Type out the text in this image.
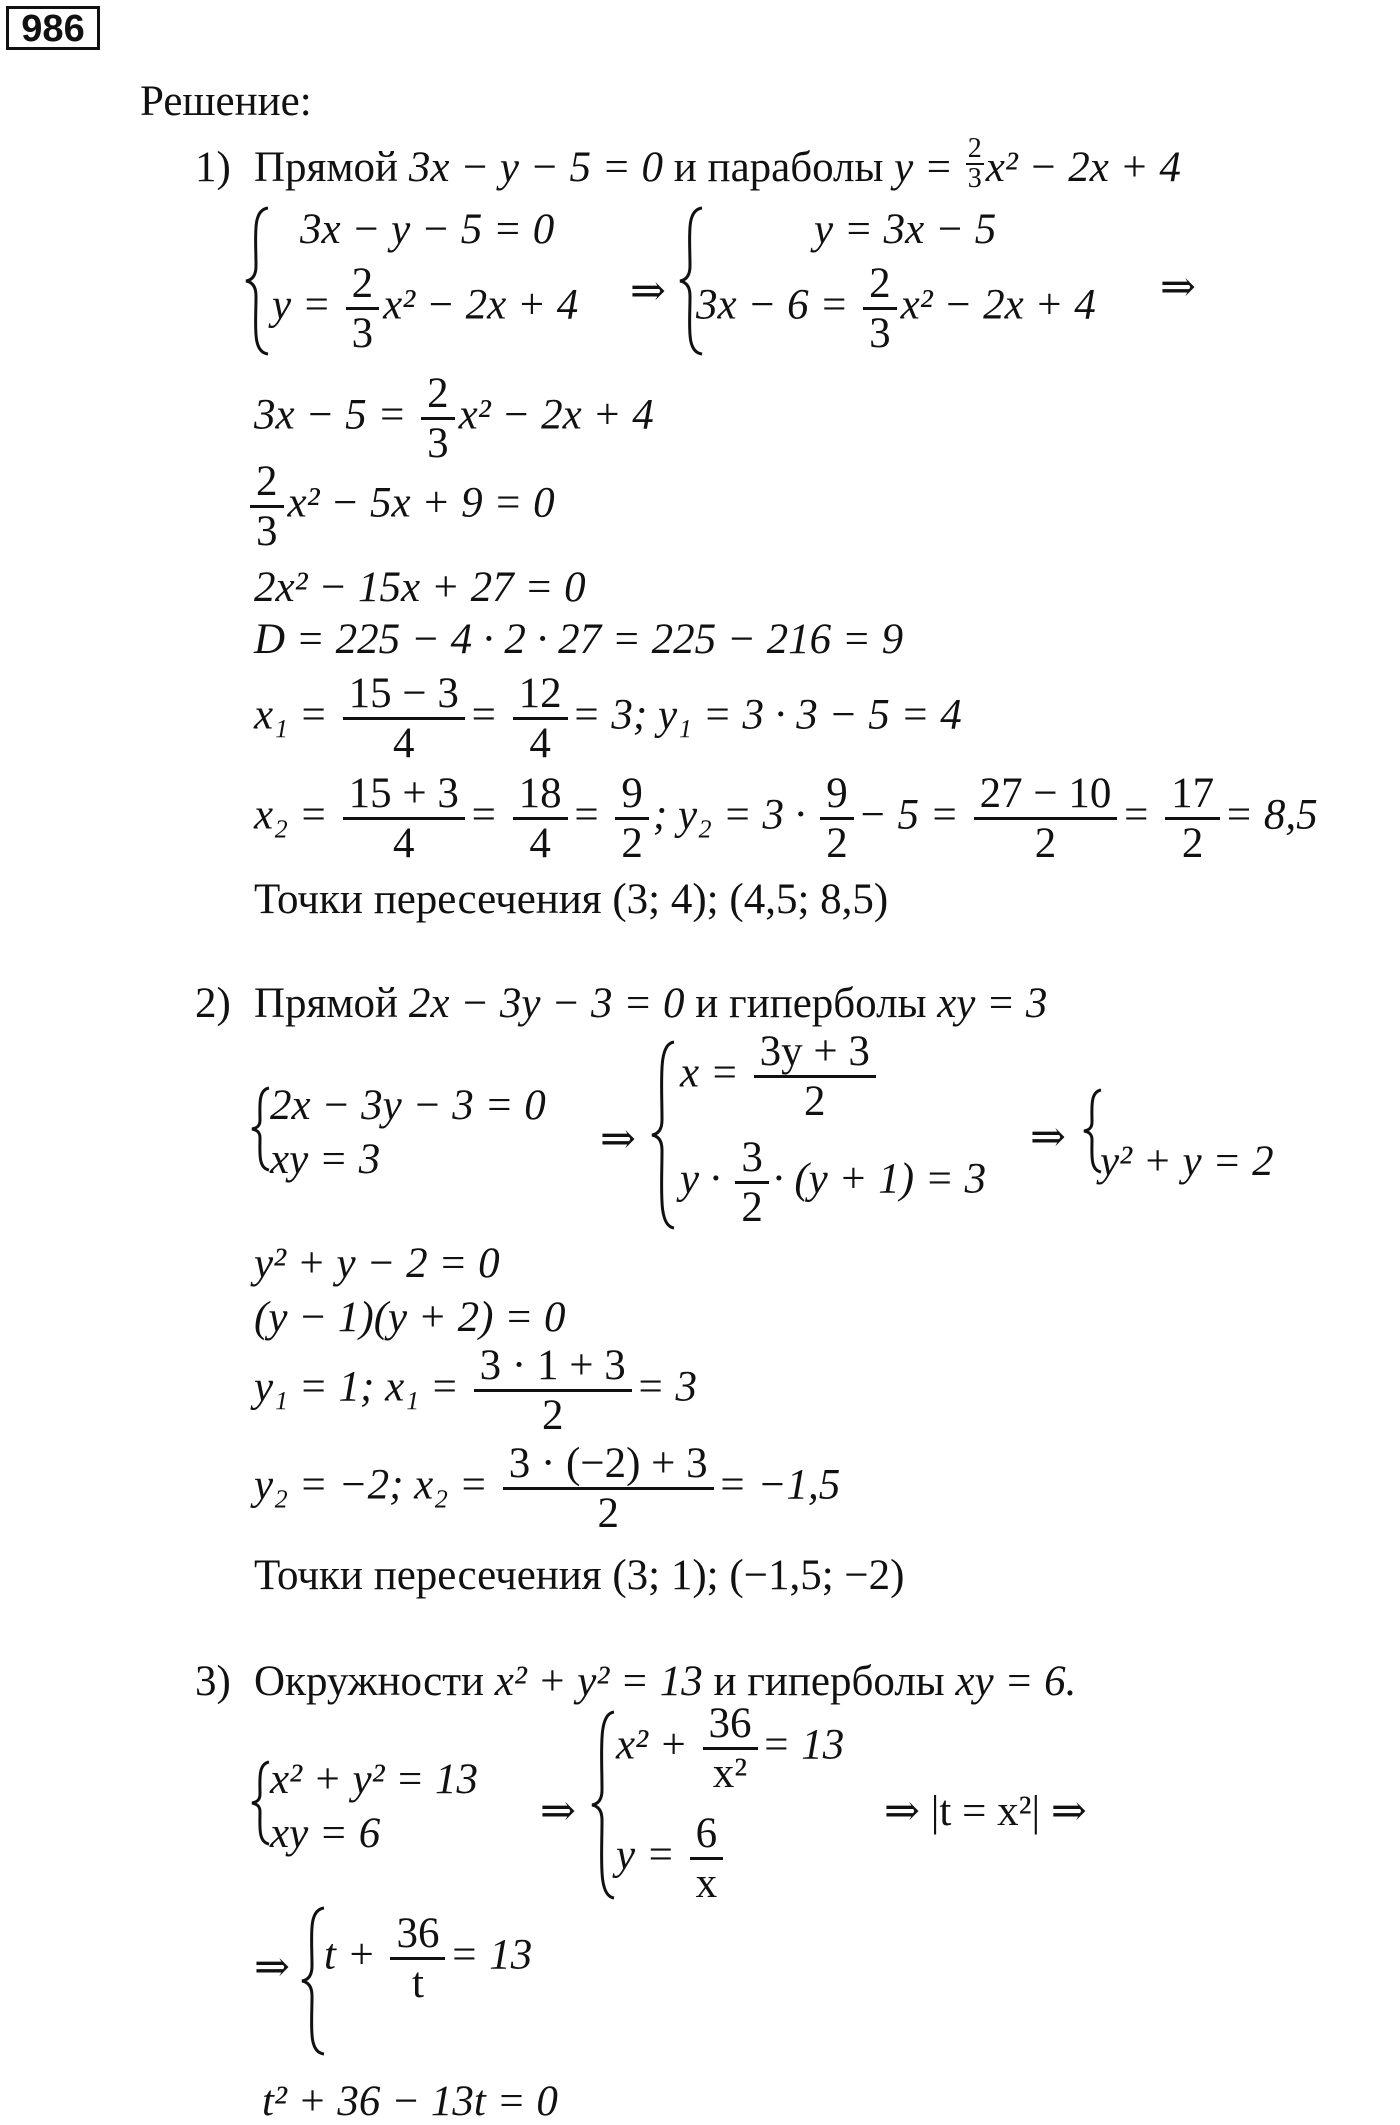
986
Решение:
1) Прямой 3x − y − 5 = 0 и параболы $y = \frac{2}{3} x^2 - 2x + 4$
3x − y − 5 = 0
$y = \frac{2}{3} x^2 - 2x + 4$ ⇒
y = 3x − 5
$3x - 6 = \frac{2}{3} x^2 - 2x + 4$ ⇒
$3x - 5 = \frac{2}{3} x^2 - 2x + 4$
$\frac{2}{3} x^2 - 5x + 9 = 0$
2x² − 15x + 27 = 0
D = 225 − 4 · 2 · 27 = 225 − 216 = 9
$x_1 = \frac{15 - 3}{4} = \frac{12}{4} = 3$; y₁ = 3 · 3 − 5 = 4
$x_2 = \frac{15 + 3}{4} = \frac{18}{4} = \frac{9}{2}$ ; $y_2 = 3 \cdot \frac{9}{2} - 5 = \frac{27 - 10}{2} = \frac{17}{2} = 8,5$
Точки пересечения (3; 4); (4,5; 8,5)
2) Прямой 2x − 3y − 3 = 0 и гиперболы xy = 3
2x − 3y − 3 = 0
xy = 3	⇒
$x = \frac{3y + 3}{2}$
$y \cdot \frac{3}{2} \cdot (y + 1) = 3$
⇒
y² + y = 2
y² + y − 2 = 0
(y − 1)(y + 2) = 0
y₁ = 1; $x_1 = \frac{3 \cdot 1 + 3}{2} = 3$
y₂ = −2; $x_2 = \frac{3 \cdot (-2) + 3}{2} = -1,5$
Точки пересечения (3; 1); (−1,5; −2)
3) Окружности x² + y² = 13 и гиперболы xy = 6.
x² + y² = 13
xy = 6	⇒
$x^2 + \frac{36}{\text{x²}} = 13$
$y = \frac{6}{x}$
⇒ |t = x²| ⇒
⇒ $t + \frac{36}{t} = 13$
t² + 36 − 13t = 0
